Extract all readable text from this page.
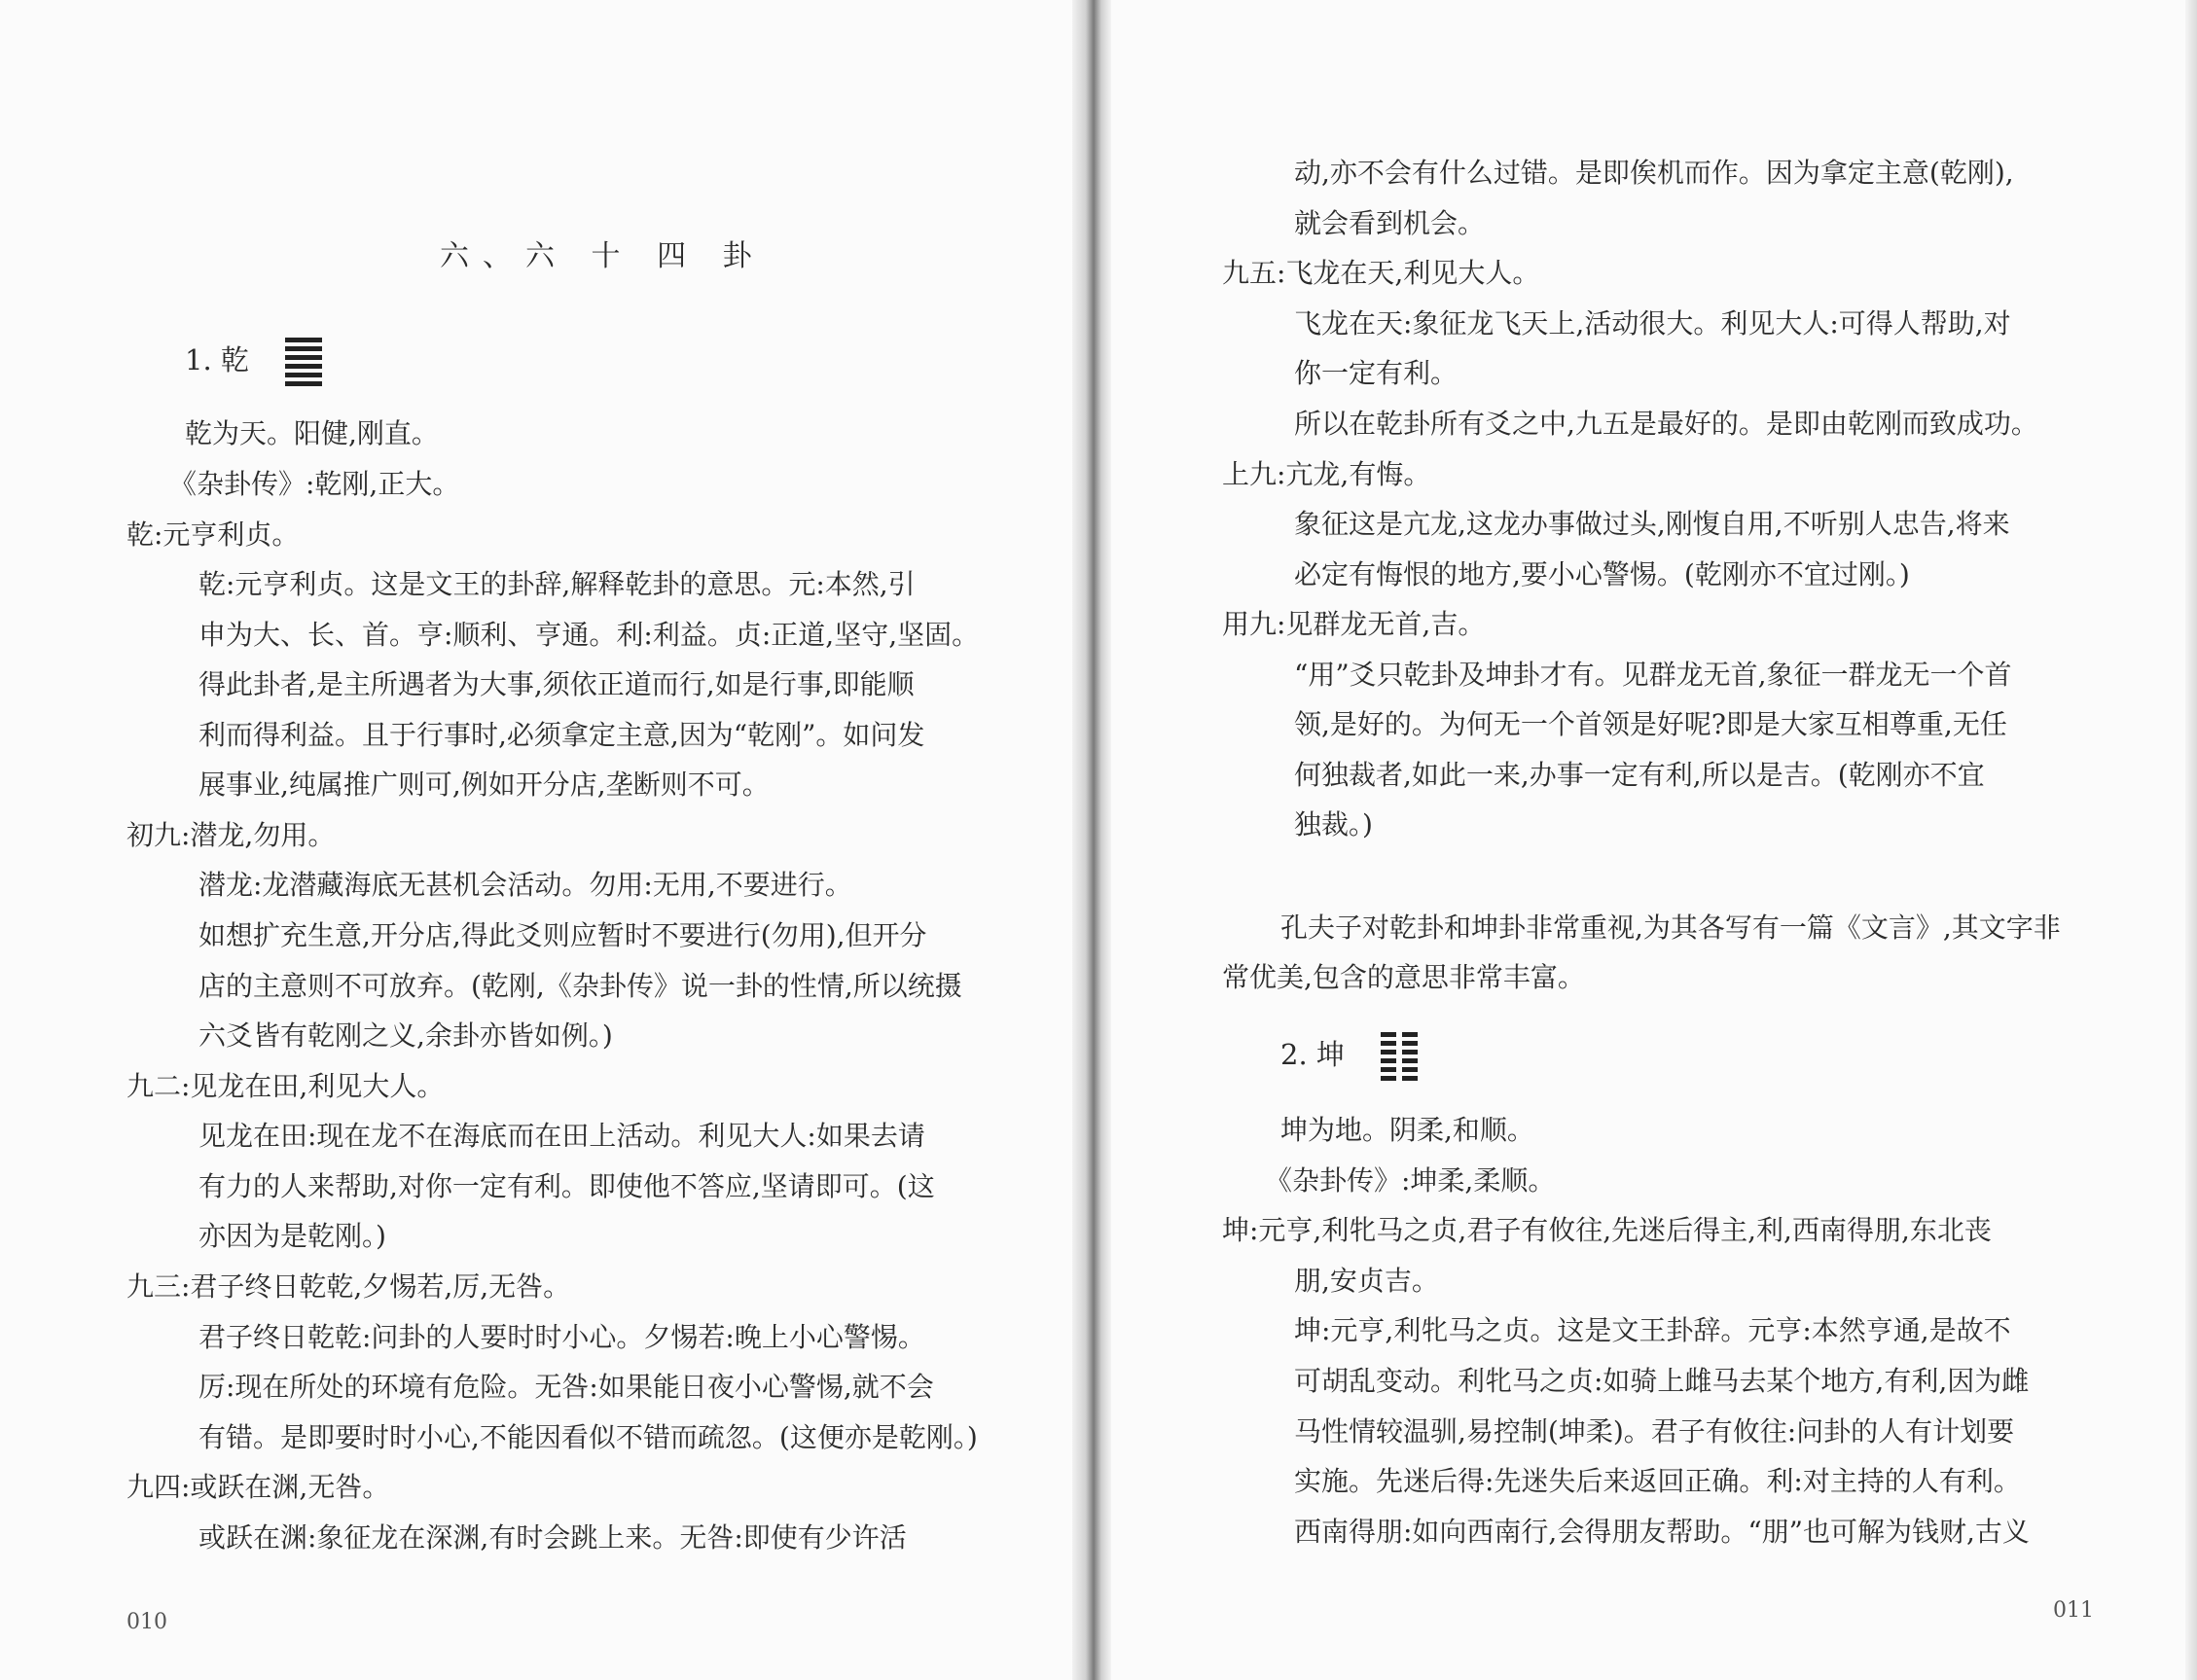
六、六 十 四 卦
1. 乾
乾为天。阳健,刚直。
《杂卦传》:乾刚,正大。
乾:元亨利贞。
乾:元亨利贞。这是文王的卦辞,解释乾卦的意思。元:本然,引
申为大、长、首。亨:顺利、亨通。利:利益。贞:正道,坚守,坚固。
得此卦者,是主所遇者为大事,须依正道而行,如是行事,即能顺
利而得利益。且于行事时,必须拿定主意,因为“乾刚”。如问发
展事业,纯属推广则可,例如开分店,垄断则不可。
初九:潜龙,勿用。
潜龙:龙潜藏海底无甚机会活动。勿用:无用,不要进行。
如想扩充生意,开分店,得此爻则应暂时不要进行(勿用),但开分
店的主意则不可放弃。(乾刚,《杂卦传》说一卦的性情,所以统摄
六爻皆有乾刚之义,余卦亦皆如例。)
九二:见龙在田,利见大人。
见龙在田:现在龙不在海底而在田上活动。利见大人:如果去请
有力的人来帮助,对你一定有利。即使他不答应,坚请即可。(这
亦因为是乾刚。)
九三:君子终日乾乾,夕惕若,厉,无咎。
君子终日乾乾:问卦的人要时时小心。夕惕若:晚上小心警惕。
厉:现在所处的环境有危险。无咎:如果能日夜小心警惕,就不会
有错。是即要时时小心,不能因看似不错而疏忽。(这便亦是乾刚。)
九四:或跃在渊,无咎。
或跃在渊:象征龙在深渊,有时会跳上来。无咎:即使有少许活
010
动,亦不会有什么过错。是即俟机而作。因为拿定主意(乾刚),
就会看到机会。
九五:飞龙在天,利见大人。
飞龙在天:象征龙飞天上,活动很大。利见大人:可得人帮助,对
你一定有利。
所以在乾卦所有爻之中,九五是最好的。是即由乾刚而致成功。
上九:亢龙,有悔。
象征这是亢龙,这龙办事做过头,刚愎自用,不听别人忠告,将来
必定有悔恨的地方,要小心警惕。(乾刚亦不宜过刚。)
用九:见群龙无首,吉。
“用”爻只乾卦及坤卦才有。见群龙无首,象征一群龙无一个首
领,是好的。为何无一个首领是好呢?即是大家互相尊重,无任
何独裁者,如此一来,办事一定有利,所以是吉。(乾刚亦不宜
独裁。)
孔夫子对乾卦和坤卦非常重视,为其各写有一篇《文言》,其文字非
常优美,包含的意思非常丰富。
2. 坤
坤为地。阴柔,和顺。
《杂卦传》:坤柔,柔顺。
坤:元亨,利牝马之贞,君子有攸往,先迷后得主,利,西南得朋,东北丧
朋,安贞吉。
坤:元亨,利牝马之贞。这是文王卦辞。元亨:本然亨通,是故不
可胡乱变动。利牝马之贞:如骑上雌马去某个地方,有利,因为雌
马性情较温驯,易控制(坤柔)。君子有攸往:问卦的人有计划要
实施。先迷后得:先迷失后来返回正确。利:对主持的人有利。
西南得朋:如向西南行,会得朋友帮助。“朋”也可解为钱财,古义
011
